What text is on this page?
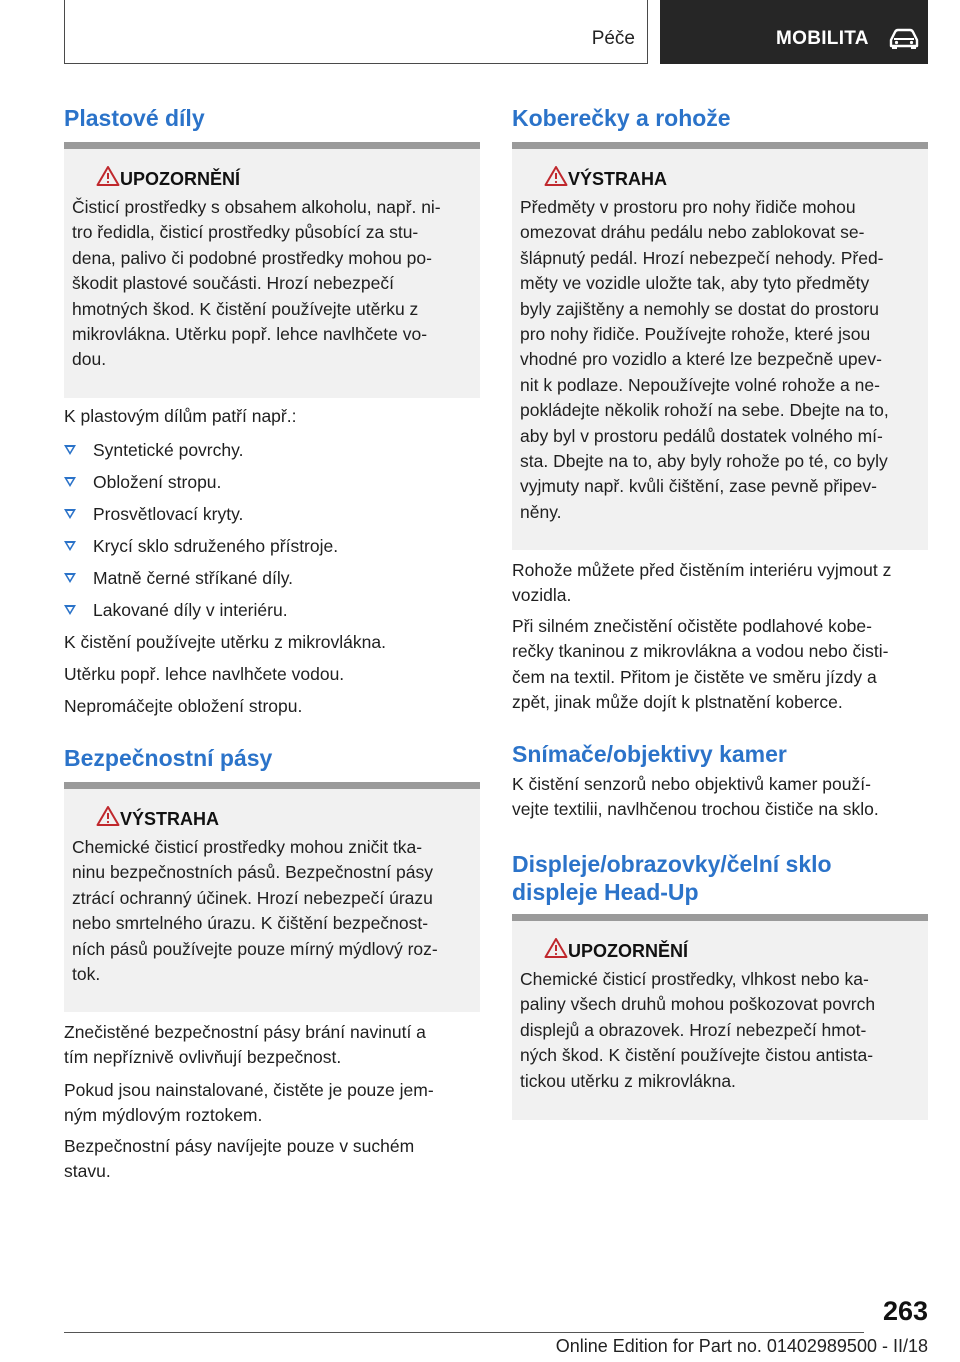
Péče	MOBILITA
Plastové díly
UPOZORNĚNÍ
Čisticí prostředky s obsahem alkoholu, např. ni-
tro ředidla, čisticí prostředky působící za stu-
dena, palivo či podobné prostředky mohou po-
škodit plastové součásti. Hrozí nebezpečí
hmotných škod. K čistění používejte utěrku z
mikrovlákna. Utěrku popř. lehce navlhčete vo-
dou.
K plastovým dílům patří např.:
Syntetické povrchy.
Obložení stropu.
Prosvětlovací kryty.
Krycí sklo sdruženého přístroje.
Matně černé stříkané díly.
Lakované díly v interiéru.
K čistění používejte utěrku z mikrovlákna.
Utěrku popř. lehce navlhčete vodou.
Nepromáčejte obložení stropu.
Bezpečnostní pásy
VÝSTRAHA
Chemické čisticí prostředky mohou zničit tka-
ninu bezpečnostních pásů. Bezpečnostní pásy
ztrácí ochranný účinek. Hrozí nebezpečí úrazu
nebo smrtelného úrazu. K čištění bezpečnost-
ních pásů používejte pouze mírný mýdlový roz-
tok.
Znečistěné bezpečnostní pásy brání navinutí a
tím nepříznivě ovlivňují bezpečnost.
Pokud jsou nainstalované, čistěte je pouze jem-
ným mýdlovým roztokem.
Bezpečnostní pásy navíjejte pouze v suchém
stavu.
Koberečky a rohože
VÝSTRAHA
Předměty v prostoru pro nohy řidiče mohou
omezovat dráhu pedálu nebo zablokovat se-
šlápnutý pedál. Hrozí nebezpečí nehody. Před-
měty ve vozidle uložte tak, aby tyto předměty
byly zajištěny a nemohly se dostat do prostoru
pro nohy řidiče. Používejte rohože, které jsou
vhodné pro vozidlo a které lze bezpečně upev-
nit k podlaze. Nepoužívejte volné rohože a ne-
pokládejte několik rohoží na sebe. Dbejte na to,
aby byl v prostoru pedálů dostatek volného mí-
sta. Dbejte na to, aby byly rohože po té, co byly
vyjmuty např. kvůli čištění, zase pevně připev-
něny.
Rohože můžete před čistěním interiéru vyjmout z
vozidla.
Při silném znečistění očistěte podlahové kobe-
rečky tkaninou z mikrovlákna a vodou nebo čisti-
čem na textil. Přitom je čistěte ve směru jízdy a
zpět, jinak může dojít k plstnatění koberce.
Snímače/objektivy kamer
K čistění senzorů nebo objektivů kamer použí-
vejte textilii, navlhčenou trochou čističe na sklo.
Displeje/obrazovky/čelní sklo
displeje Head-Up
UPOZORNĚNÍ
Chemické čisticí prostředky, vlhkost nebo ka-
paliny všech druhů mohou poškozovat povrch
displejů a obrazovek. Hrozí nebezpečí hmot-
ných škod. K čistění používejte čistou antista-
tickou utěrku z mikrovlákna.
263
Online Edition for Part no. 01402989500 - II/18
